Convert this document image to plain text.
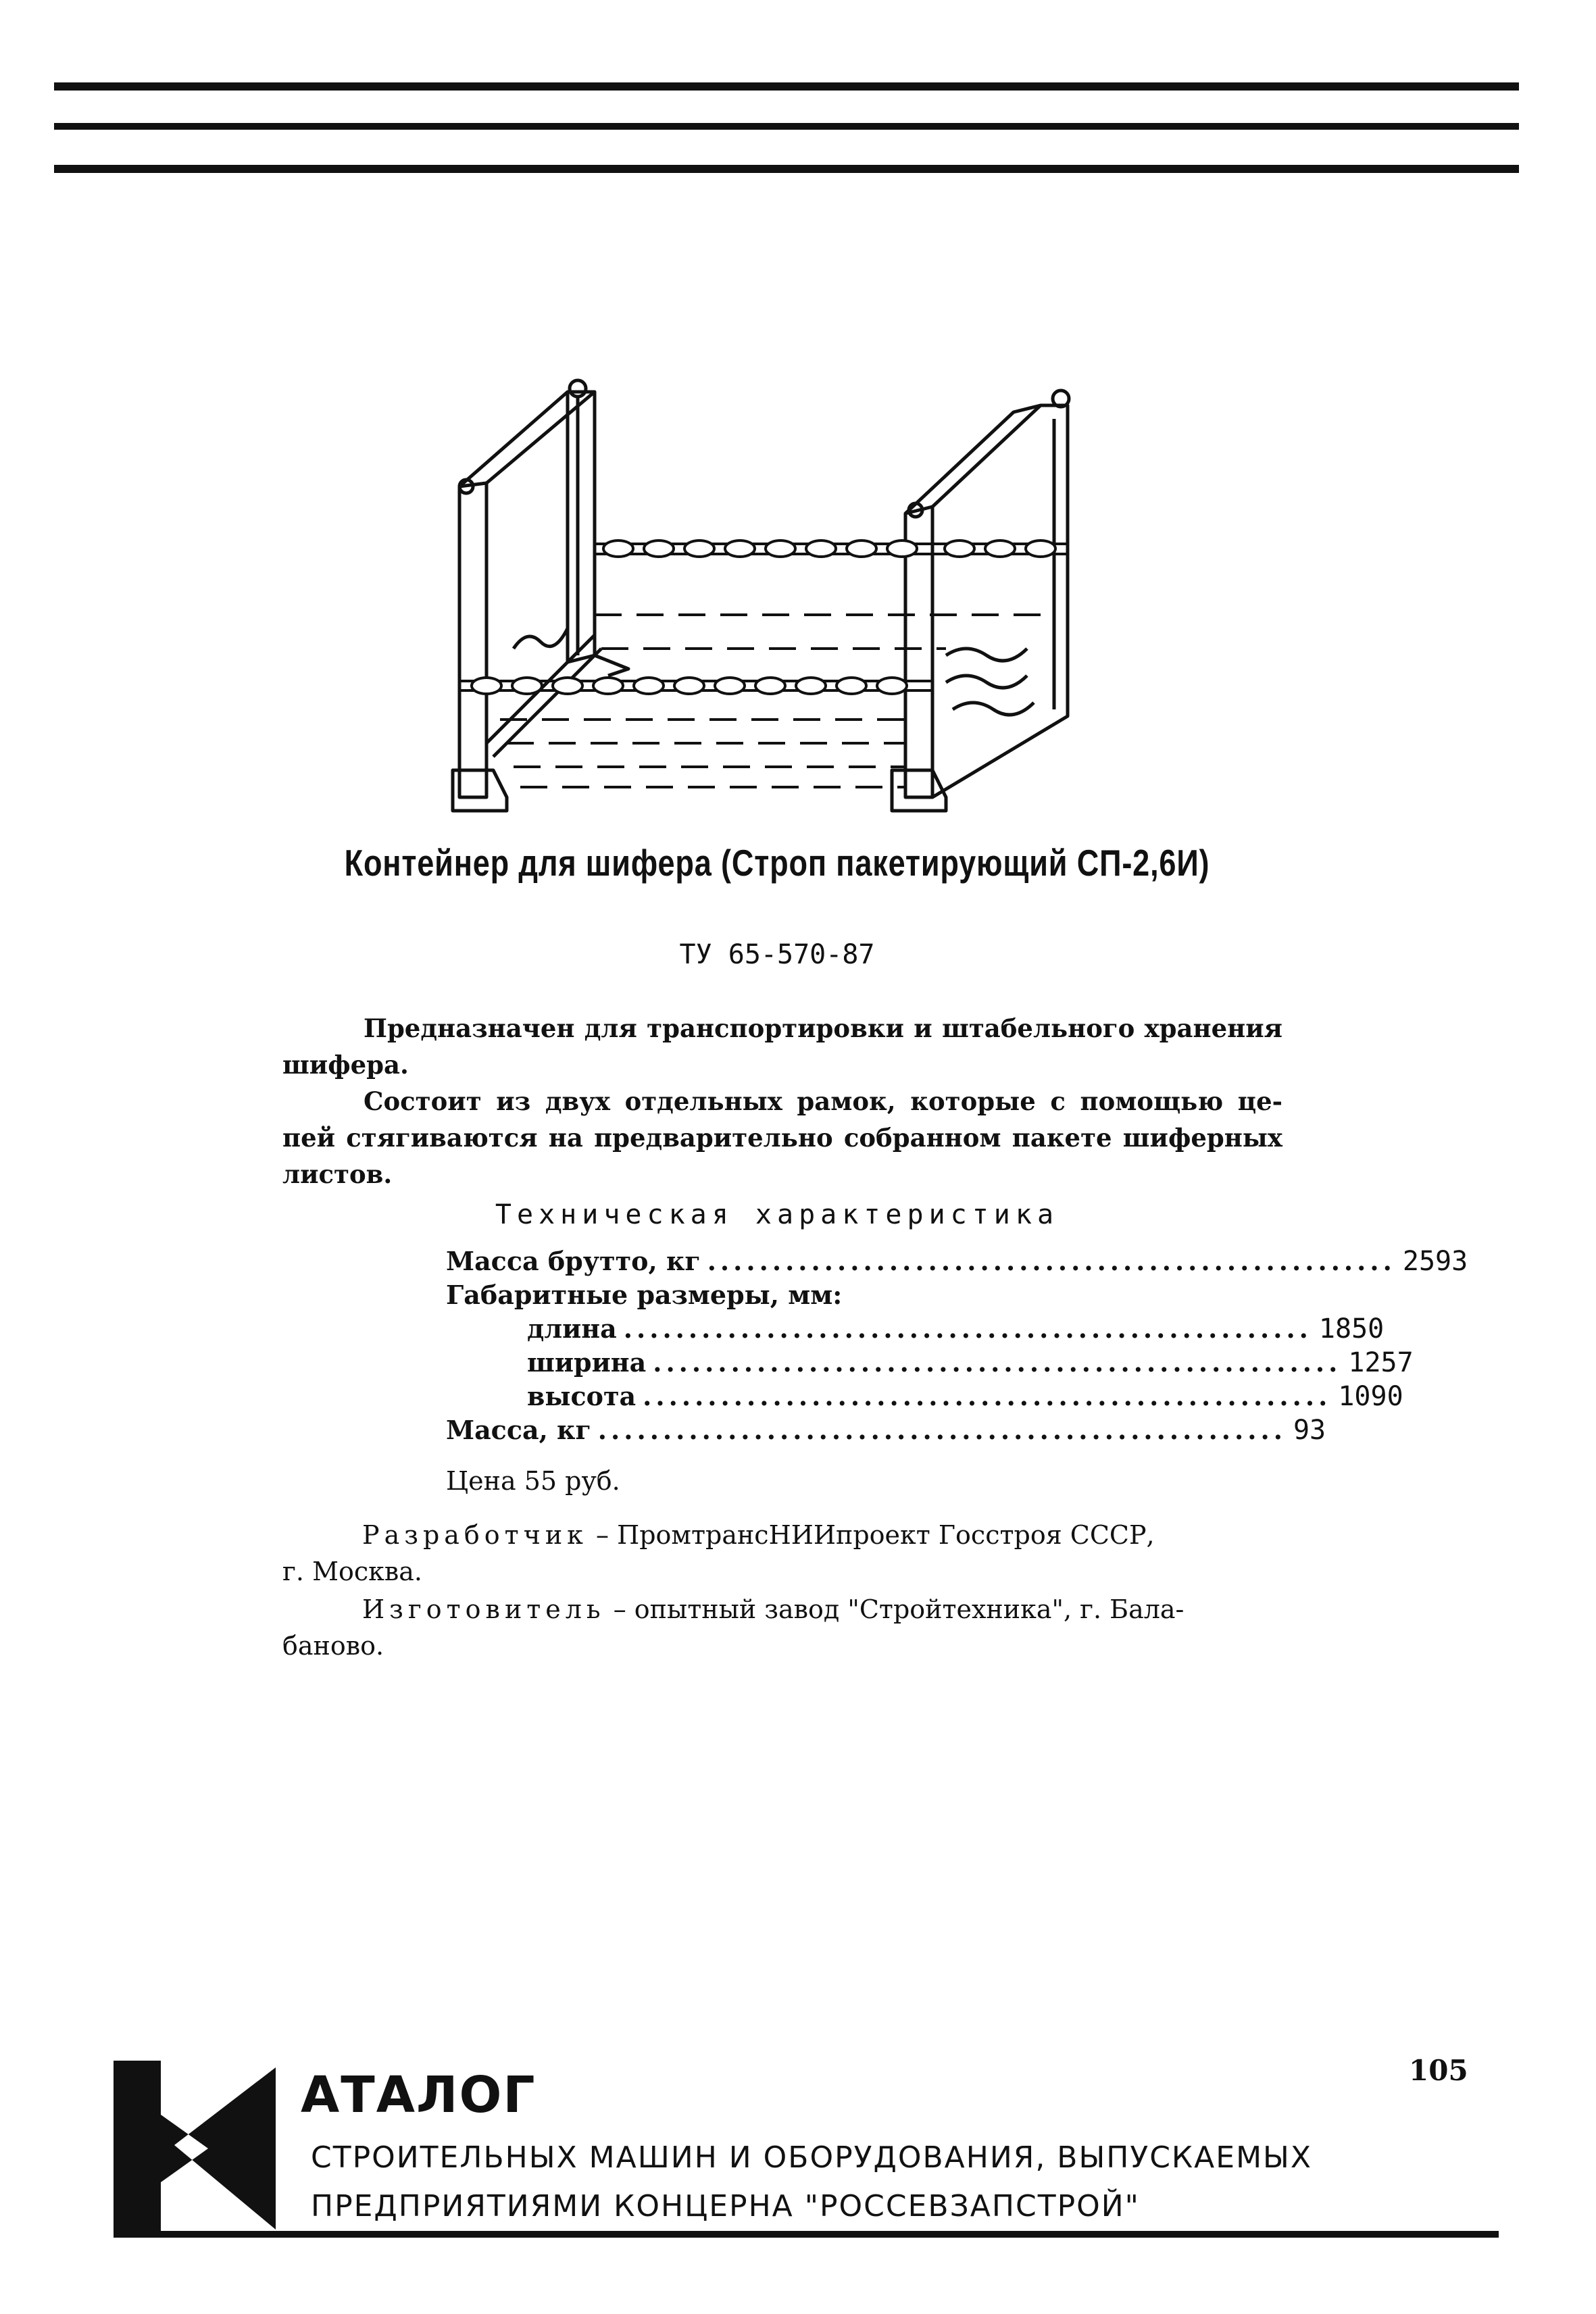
Контейнер для шифера (Строп пакетирующий СП-2,6И)
ТУ 65-570-87
Предназначен для транспортировки и штабельного хранения шифера.
Состоит из двух отдельных рамок, которые с помощью це- пей стягиваются на предварительно собранном пакете шиферных листов.
Техническая характеристика
Масса брутто, кг ..................................................... 2593
Габаритные размеры, мм:
длина ..................................................... 1850
ширина ..................................................... 1257
высота ..................................................... 1090
Масса, кг ..................................................... 93
Цена 55 руб.
Разработчик – ПромтрансНИИпроект Госстроя СССР,
г. Москва.
Изготовитель – опытный завод "Стройтехника", г. Бала-
баново.
105
АТАЛОГ
СТРОИТЕЛЬНЫХ МАШИН И ОБОРУДОВАНИЯ, ВЫПУСКАЕМЫХ
ПРЕДПРИЯТИЯМИ КОНЦЕРНА "РОССЕВЗАПСТРОЙ"
